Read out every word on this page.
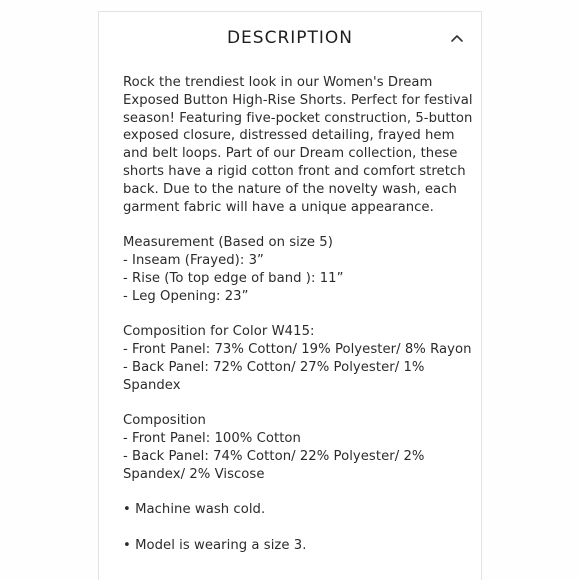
DESCRIPTION

Rock the trendiest look in our Women's Dream Exposed Button High-Rise Shorts. Perfect for festival season! Featuring five-pocket construction, 5-button exposed closure, distressed detailing, frayed hem and belt loops. Part of our Dream collection, these shorts have a rigid cotton front and comfort stretch back. Due to the nature of the novelty wash, each garment fabric will have a unique appearance.

Measurement (Based on size 5)
- Inseam (Frayed): 3”
- Rise (To top edge of band ): 11”
- Leg Opening: 23”

Composition for Color W415:
- Front Panel: 73% Cotton/ 19% Polyester/ 8% Rayon
- Back Panel: 72% Cotton/ 27% Polyester/ 1% Spandex

Composition
- Front Panel: 100% Cotton
- Back Panel: 74% Cotton/ 22% Polyester/ 2% Spandex/ 2% Viscose

• Machine wash cold.

• Model is wearing a size 3.
